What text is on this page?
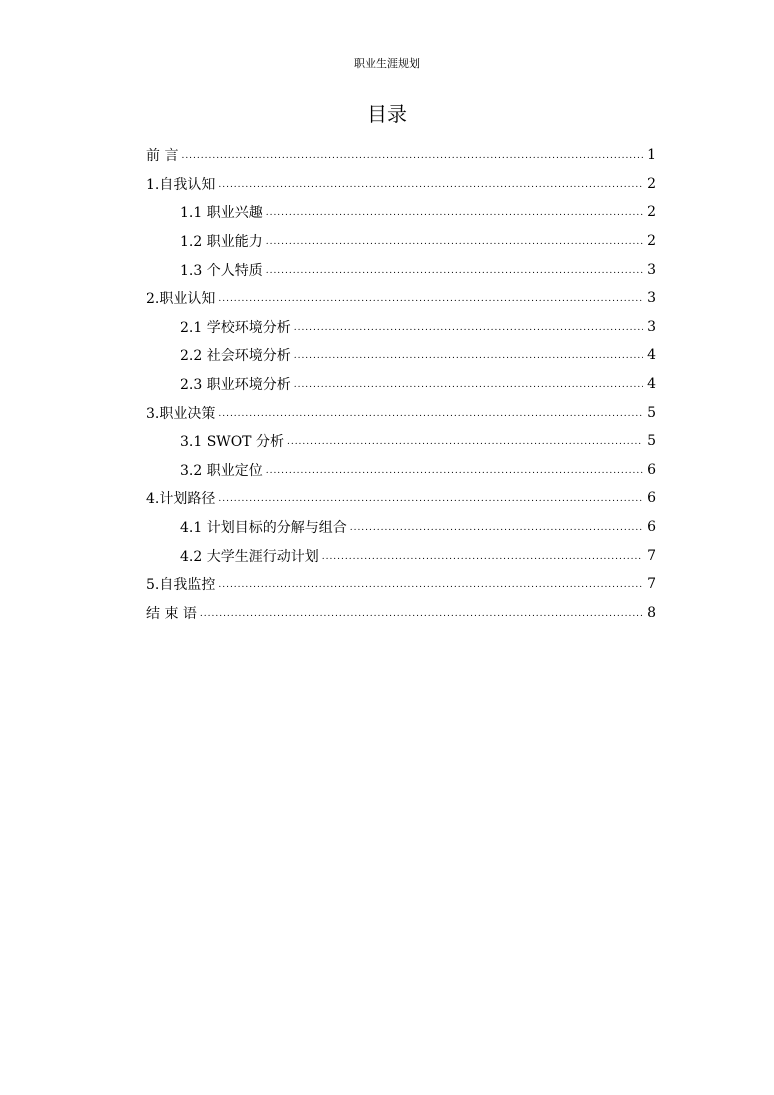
职业生涯规划
目录
前 言 .....	1
1.自我认知 .....	2
1.1 职业兴趣 .....	2
1.2 职业能力 .....	2
1.3 个人特质 .....	3
2.职业认知 .....	3
2.1 学校环境分析 .....	3
2.2 社会环境分析 .....	4
2.3 职业环境分析 .....	4
3.职业决策 .....	5
3.1 SWOT 分析 .....	5
3.2 职业定位 .....	6
4.计划路径 .....	6
4.1 计划目标的分解与组合 .....	6
4.2 大学生涯行动计划 .....	7
5.自我监控 .....	7
结 束 语 .....	8
